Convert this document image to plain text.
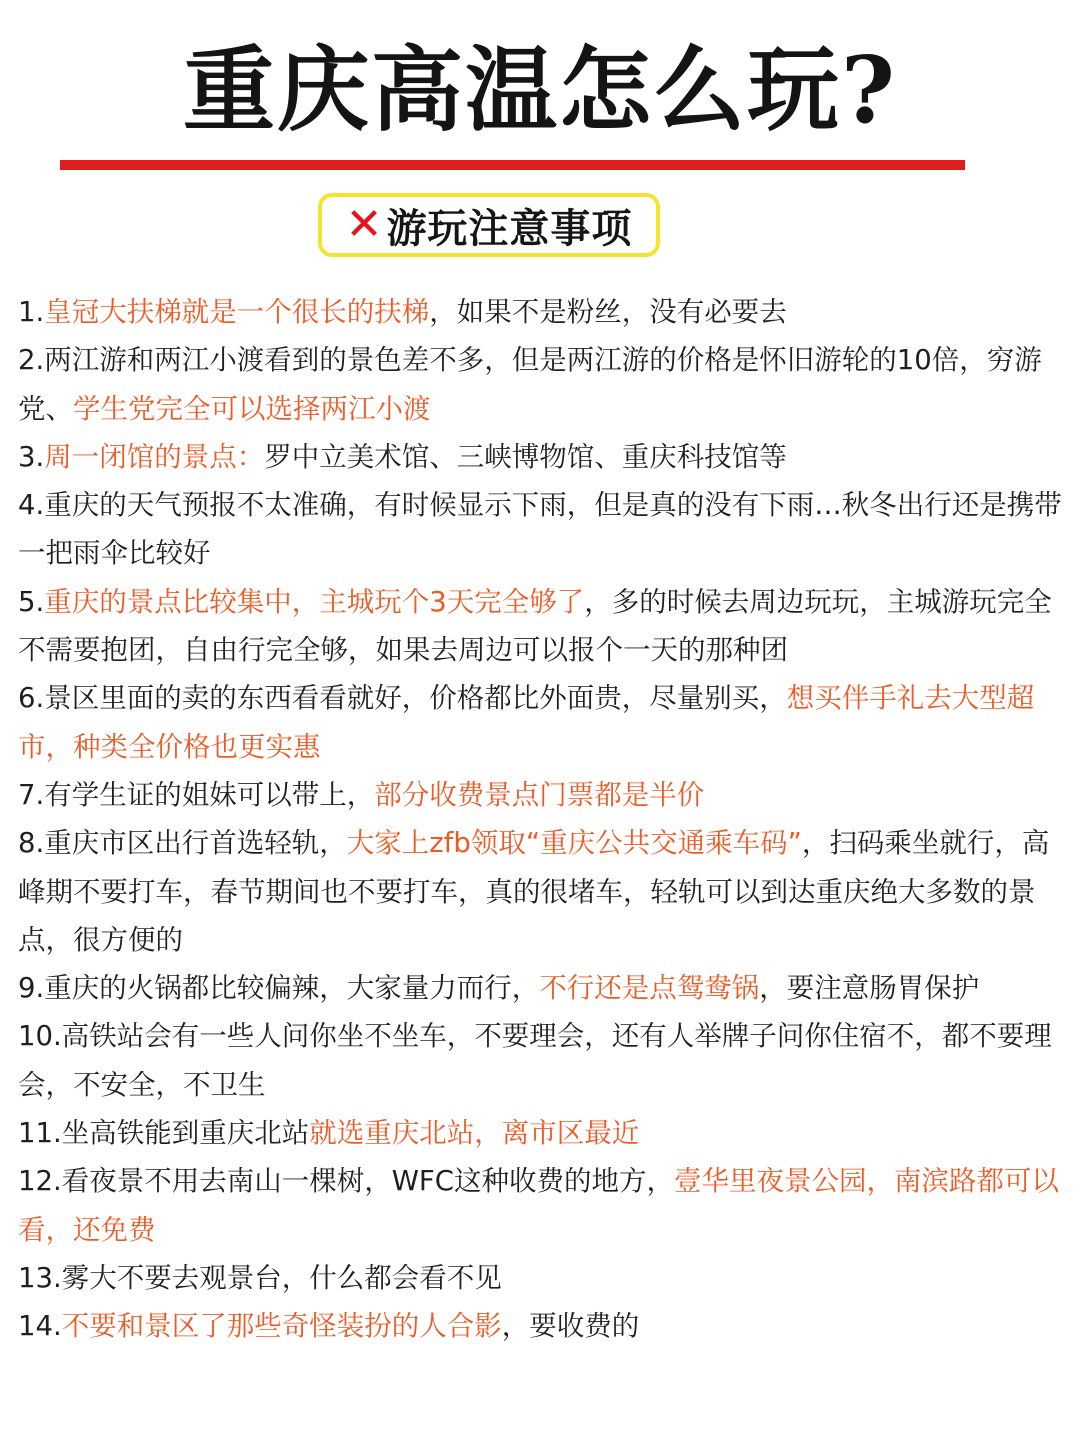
重庆高温怎么玩?
✕ 游玩注意事项
1.皇冠大扶梯就是一个很长的扶梯，如果不是粉丝，没有必要去
2.两江游和两江小渡看到的景色差不多，但是两江游的价格是怀旧游轮的10倍，穷游党、学生党完全可以选择两江小渡
3.周一闭馆的景点：罗中立美术馆、三峡博物馆、重庆科技馆等
4.重庆的天气预报不太准确，有时候显示下雨，但是真的没有下雨…秋冬出行还是携带一把雨伞比较好
5.重庆的景点比较集中，主城玩个3天完全够了，多的时候去周边玩玩，主城游玩完全不需要抱团，自由行完全够，如果去周边可以报个一天的那种团
6.景区里面的卖的东西看看就好，价格都比外面贵，尽量别买，想买伴手礼去大型超市，种类全价格也更实惠
7.有学生证的姐妹可以带上，部分收费景点门票都是半价
8.重庆市区出行首选轻轨，大家上zfb领取“重庆公共交通乘车码”，扫码乘坐就行，高峰期不要打车，春节期间也不要打车，真的很堵车，轻轨可以到达重庆绝大多数的景点，很方便的
9.重庆的火锅都比较偏辣，大家量力而行，不行还是点鸳鸯锅，要注意肠胃保护
10.高铁站会有一些人问你坐不坐车，不要理会，还有人举牌子问你住宿不，都不要理会，不安全，不卫生
11.坐高铁能到重庆北站就选重庆北站，离市区最近
12.看夜景不用去南山一棵树，WFC这种收费的地方，壹华里夜景公园，南滨路都可以看，还免费
13.雾大不要去观景台，什么都会看不见
14.不要和景区了那些奇怪装扮的人合影，要收费的
